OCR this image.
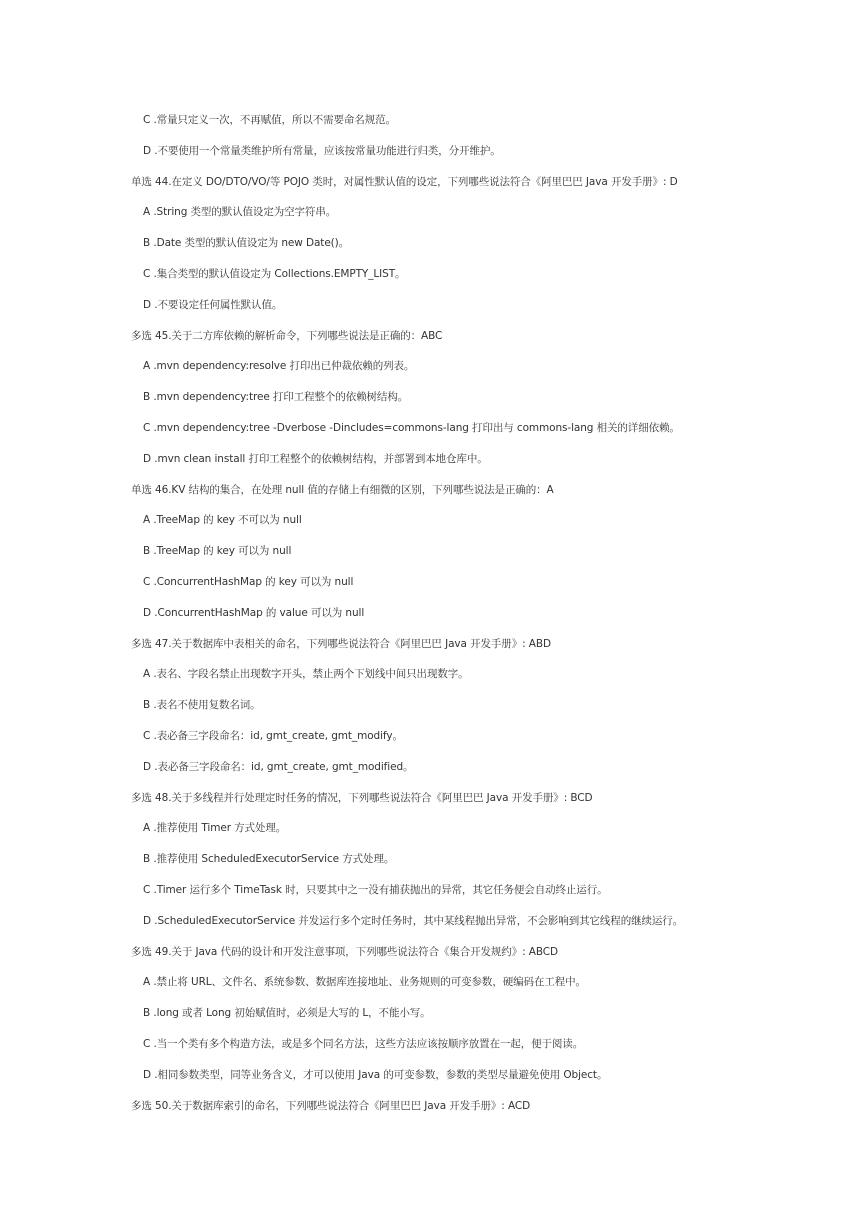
C .常量只定义一次，不再赋值，所以不需要命名规范。
D .不要使用一个常量类维护所有常量，应该按常量功能进行归类，分开维护。
单选 44.在定义 DO/DTO/VO/等 POJO 类时，对属性默认值的设定，下列哪些说法符合《阿里巴巴 Java 开发手册》: D
A .String 类型的默认值设定为空字符串。
B .Date 类型的默认值设定为 new Date()。
C .集合类型的默认值设定为 Collections.EMPTY_LIST。
D .不要设定任何属性默认值。
多选 45.关于二方库依赖的解析命令，下列哪些说法是正确的：ABC
A .mvn dependency:resolve 打印出已仲裁依赖的列表。
B .mvn dependency:tree 打印工程整个的依赖树结构。
C .mvn dependency:tree -Dverbose -Dincludes=commons-lang 打印出与 commons-lang 相关的详细依赖。
D .mvn clean install 打印工程整个的依赖树结构，并部署到本地仓库中。
单选 46.KV 结构的集合，在处理 null 值的存储上有细微的区别，下列哪些说法是正确的：A
A .TreeMap 的 key 不可以为 null
B .TreeMap 的 key 可以为 null
C .ConcurrentHashMap 的 key 可以为 null
D .ConcurrentHashMap 的 value 可以为 null
多选 47.关于数据库中表相关的命名，下列哪些说法符合《阿里巴巴 Java 开发手册》: ABD
A .表名、字段名禁止出现数字开头，禁止两个下划线中间只出现数字。
B .表名不使用复数名词。
C .表必备三字段命名：id, gmt_create, gmt_modify。
D .表必备三字段命名：id, gmt_create, gmt_modified。
多选 48.关于多线程并行处理定时任务的情况，下列哪些说法符合《阿里巴巴 Java 开发手册》: BCD
A .推荐使用 Timer 方式处理。
B .推荐使用 ScheduledExecutorService 方式处理。
C .Timer 运行多个 TimeTask 时，只要其中之一没有捕获抛出的异常，其它任务便会自动终止运行。
D .ScheduledExecutorService 并发运行多个定时任务时，其中某线程抛出异常，不会影响到其它线程的继续运行。
多选 49.关于 Java 代码的设计和开发注意事项，下列哪些说法符合《集合开发规约》: ABCD
A .禁止将 URL、文件名、系统参数、数据库连接地址、业务规则的可变参数，硬编码在工程中。
B .long 或者 Long 初始赋值时，必须是大写的 L，不能小写。
C .当一个类有多个构造方法，或是多个同名方法，这些方法应该按顺序放置在一起，便于阅读。
D .相同参数类型，同等业务含义，才可以使用 Java 的可变参数，参数的类型尽量避免使用 Object。
多选 50.关于数据库索引的命名，下列哪些说法符合《阿里巴巴 Java 开发手册》: ACD
